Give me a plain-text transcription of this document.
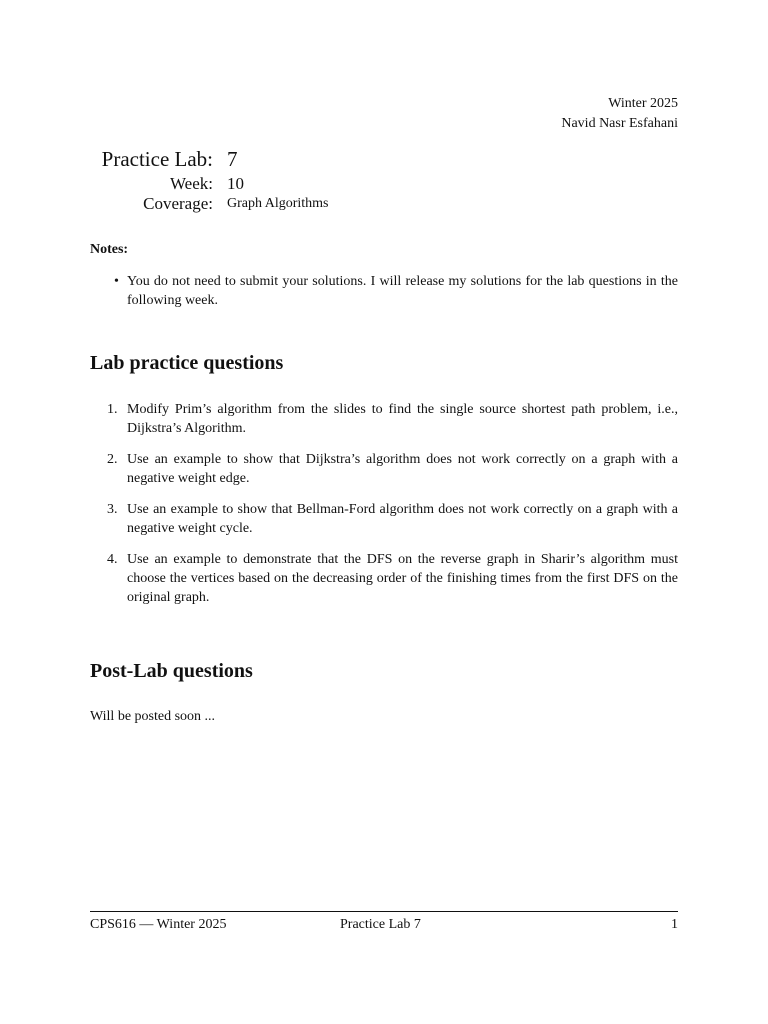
Winter 2025
Navid Nasr Esfahani
Practice Lab: 7
Week: 10
Coverage: Graph Algorithms
Notes:
• You do not need to submit your solutions. I will release my solutions for the lab questions in the following week.
Lab practice questions
1. Modify Prim’s algorithm from the slides to find the single source shortest path problem, i.e., Dijkstra’s Algorithm.
2. Use an example to show that Dijkstra’s algorithm does not work correctly on a graph with a negative weight edge.
3. Use an example to show that Bellman-Ford algorithm does not work correctly on a graph with a negative weight cycle.
4. Use an example to demonstrate that the DFS on the reverse graph in Sharir’s algorithm must choose the vertices based on the decreasing order of the finishing times from the first DFS on the original graph.
Post-Lab questions
Will be posted soon ...
CPS616 — Winter 2025	Practice Lab 7	1
